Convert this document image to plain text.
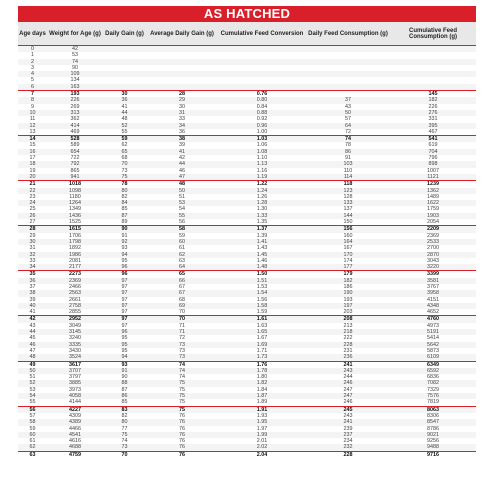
AS HATCHED
Age days	Weight for Age (g)	Daily Gain (g)	Average Daily Gain (g)	Cumulative Feed Conversion	Daily Feed Consumption (g)	Cumulative Feed Consumption (g)
0	42					
1	53					
2	74					
3	90					
4	109					
5	134					
6	163					
7	193	30	28	0.76		145
8	226	36	29	0.80	37	182
9	269	41	30	0.84	43	226
10	313	44	31	0.88	50	276
11	362	48	33	0.92	57	331
12	414	52	34	0.96	64	395
13	469	55	36	1.00	72	467
14	528	59	38	1.03	74	541
15	589	62	39	1.06	78	619
16	654	65	41	1.08	86	704
17	722	68	42	1.10	91	796
18	792	70	44	1.13	103	898
19	865	73	46	1.16	110	1007
20	941	75	47	1.19	114	1121
21	1018	78	48	1.22	118	1239
22	1098	80	50	1.24	123	1362
23	1180	82	51	1.26	128	1489
24	1264	84	53	1.28	133	1622
25	1349	85	54	1.30	137	1759
26	1436	87	55	1.33	144	1903
27	1525	89	56	1.35	150	2054
28	1615	90	58	1.37	156	2209
29	1706	91	59	1.39	160	2369
30	1798	92	60	1.41	164	2533
31	1892	93	61	1.43	167	2700
32	1986	94	62	1.45	170	2870
33	2081	95	63	1.46	174	3043
34	2177	96	64	1.48	177	3220
35	2273	96	65	1.50	179	3399
36	2369	97	66	1.51	182	3581
37	2466	97	67	1.53	186	3767
38	2563	97	67	1.54	190	3958
39	2661	97	68	1.56	193	4151
40	2758	97	69	1.58	197	4348
41	2855	97	70	1.59	203	4652
42	2952	97	70	1.61	208	4760
43	3049	97	71	1.63	213	4973
44	3145	96	71	1.65	218	5191
45	3240	95	72	1.67	222	5414
46	3335	95	73	1.69	228	5642
47	3430	95	73	1.71	231	5873
48	3524	94	73	1.73	236	6109
49	3617	93	74	1.76	241	6349
50	3707	91	74	1.78	243	6592
51	3797	90	74	1.80	244	6836
52	3885	88	75	1.82	246	7082
53	3973	87	75	1.84	247	7329
54	4058	86	75	1.87	247	7576
55	4144	85	75	1.89	246	7819
56	4227	83	75	1.91	245	8063
57	4309	82	76	1.93	243	8306
58	4389	80	76	1.95	241	8547
59	4466	77	76	1.97	239	8786
60	4541	75	76	1.99	237	9021
61	4616	74	76	2.01	234	9256
62	4688	73	76	2.02	232	9488
63	4759	70	76	2.04	228	9716
